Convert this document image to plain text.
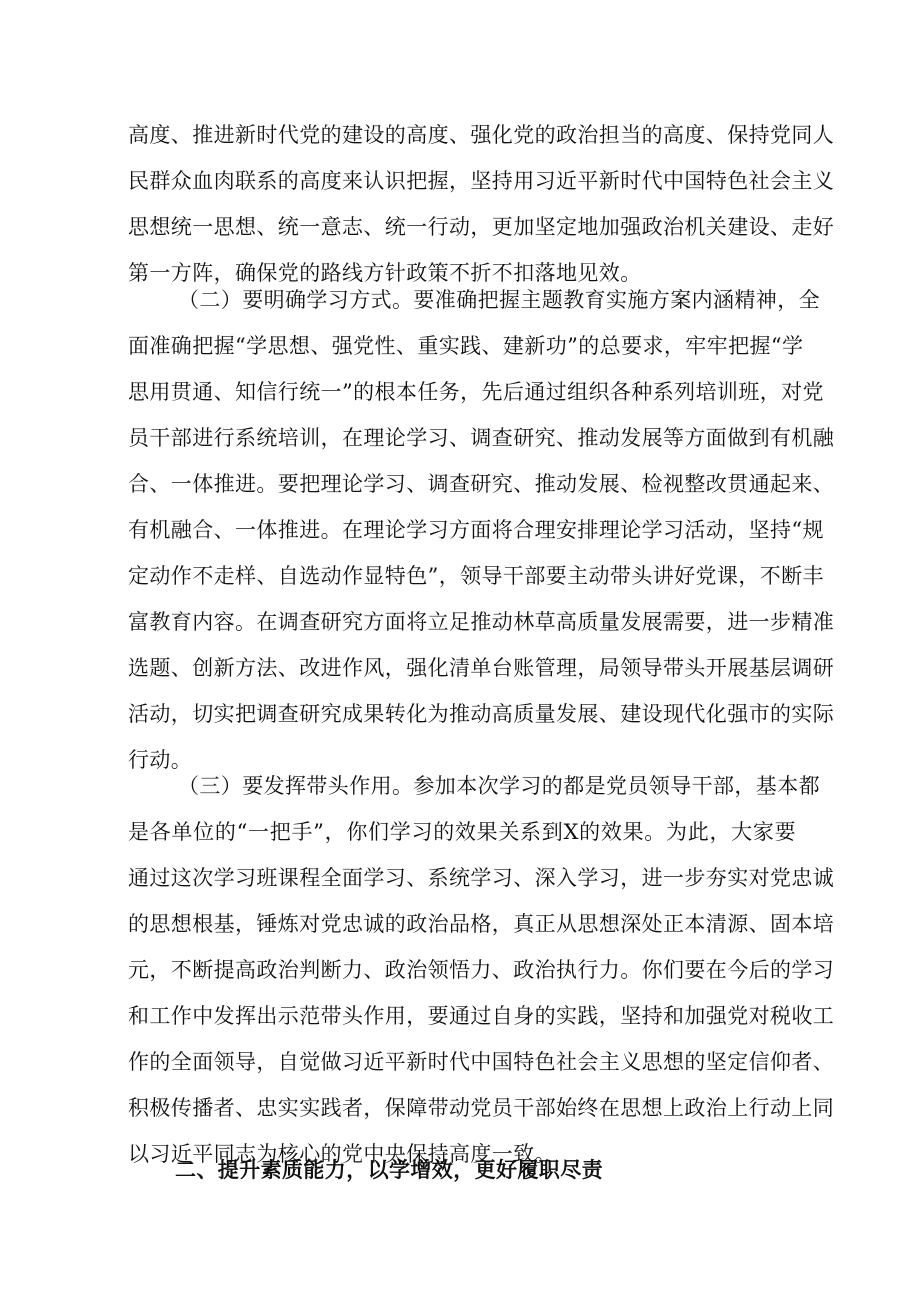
高度、推进新时代党的建设的高度、强化党的政治担当的高度、保持党同人
民群众血肉联系的高度来认识把握，坚持用习近平新时代中国特色社会主义
思想统一思想、统一意志、统一行动，更加坚定地加强政治机关建设、走好
第一方阵，确保党的路线方针政策不折不扣落地见效。
（二）要明确学习方式。要准确把握主题教育实施方案内涵精神，全
面准确把握“学思想、强党性、重实践、建新功”的总要求，牢牢把握“学
思用贯通、知信行统一”的根本任务，先后通过组织各种系列培训班，对党
员干部进行系统培训，在理论学习、调查研究、推动发展等方面做到有机融
合、一体推进。要把理论学习、调查研究、推动发展、检视整改贯通起来、
有机融合、一体推进。在理论学习方面将合理安排理论学习活动，坚持“规
定动作不走样、自选动作显特色”，领导干部要主动带头讲好党课，不断丰
富教育内容。在调查研究方面将立足推动林草高质量发展需要，进一步精准
选题、创新方法、改进作风，强化清单台账管理，局领导带头开展基层调研
活动，切实把调查研究成果转化为推动高质量发展、建设现代化强市的实际
行动。
（三）要发挥带头作用。参加本次学习的都是党员领导干部，基本都
是各单位的“一把手”，你们学习的效果关系到X的效果。为此，大家要
通过这次学习班课程全面学习、系统学习、深入学习，进一步夯实对党忠诚
的思想根基，锤炼对党忠诚的政治品格，真正从思想深处正本清源、固本培
元，不断提高政治判断力、政治领悟力、政治执行力。你们要在今后的学习
和工作中发挥出示范带头作用，要通过自身的实践，坚持和加强党对税收工
作的全面领导，自觉做习近平新时代中国特色社会主义思想的坚定信仰者、
积极传播者、忠实实践者，保障带动党员干部始终在思想上政治上行动上同
以习近平同志为核心的党中央保持高度一致。
二、提升素质能力，以学增效，更好履职尽责
